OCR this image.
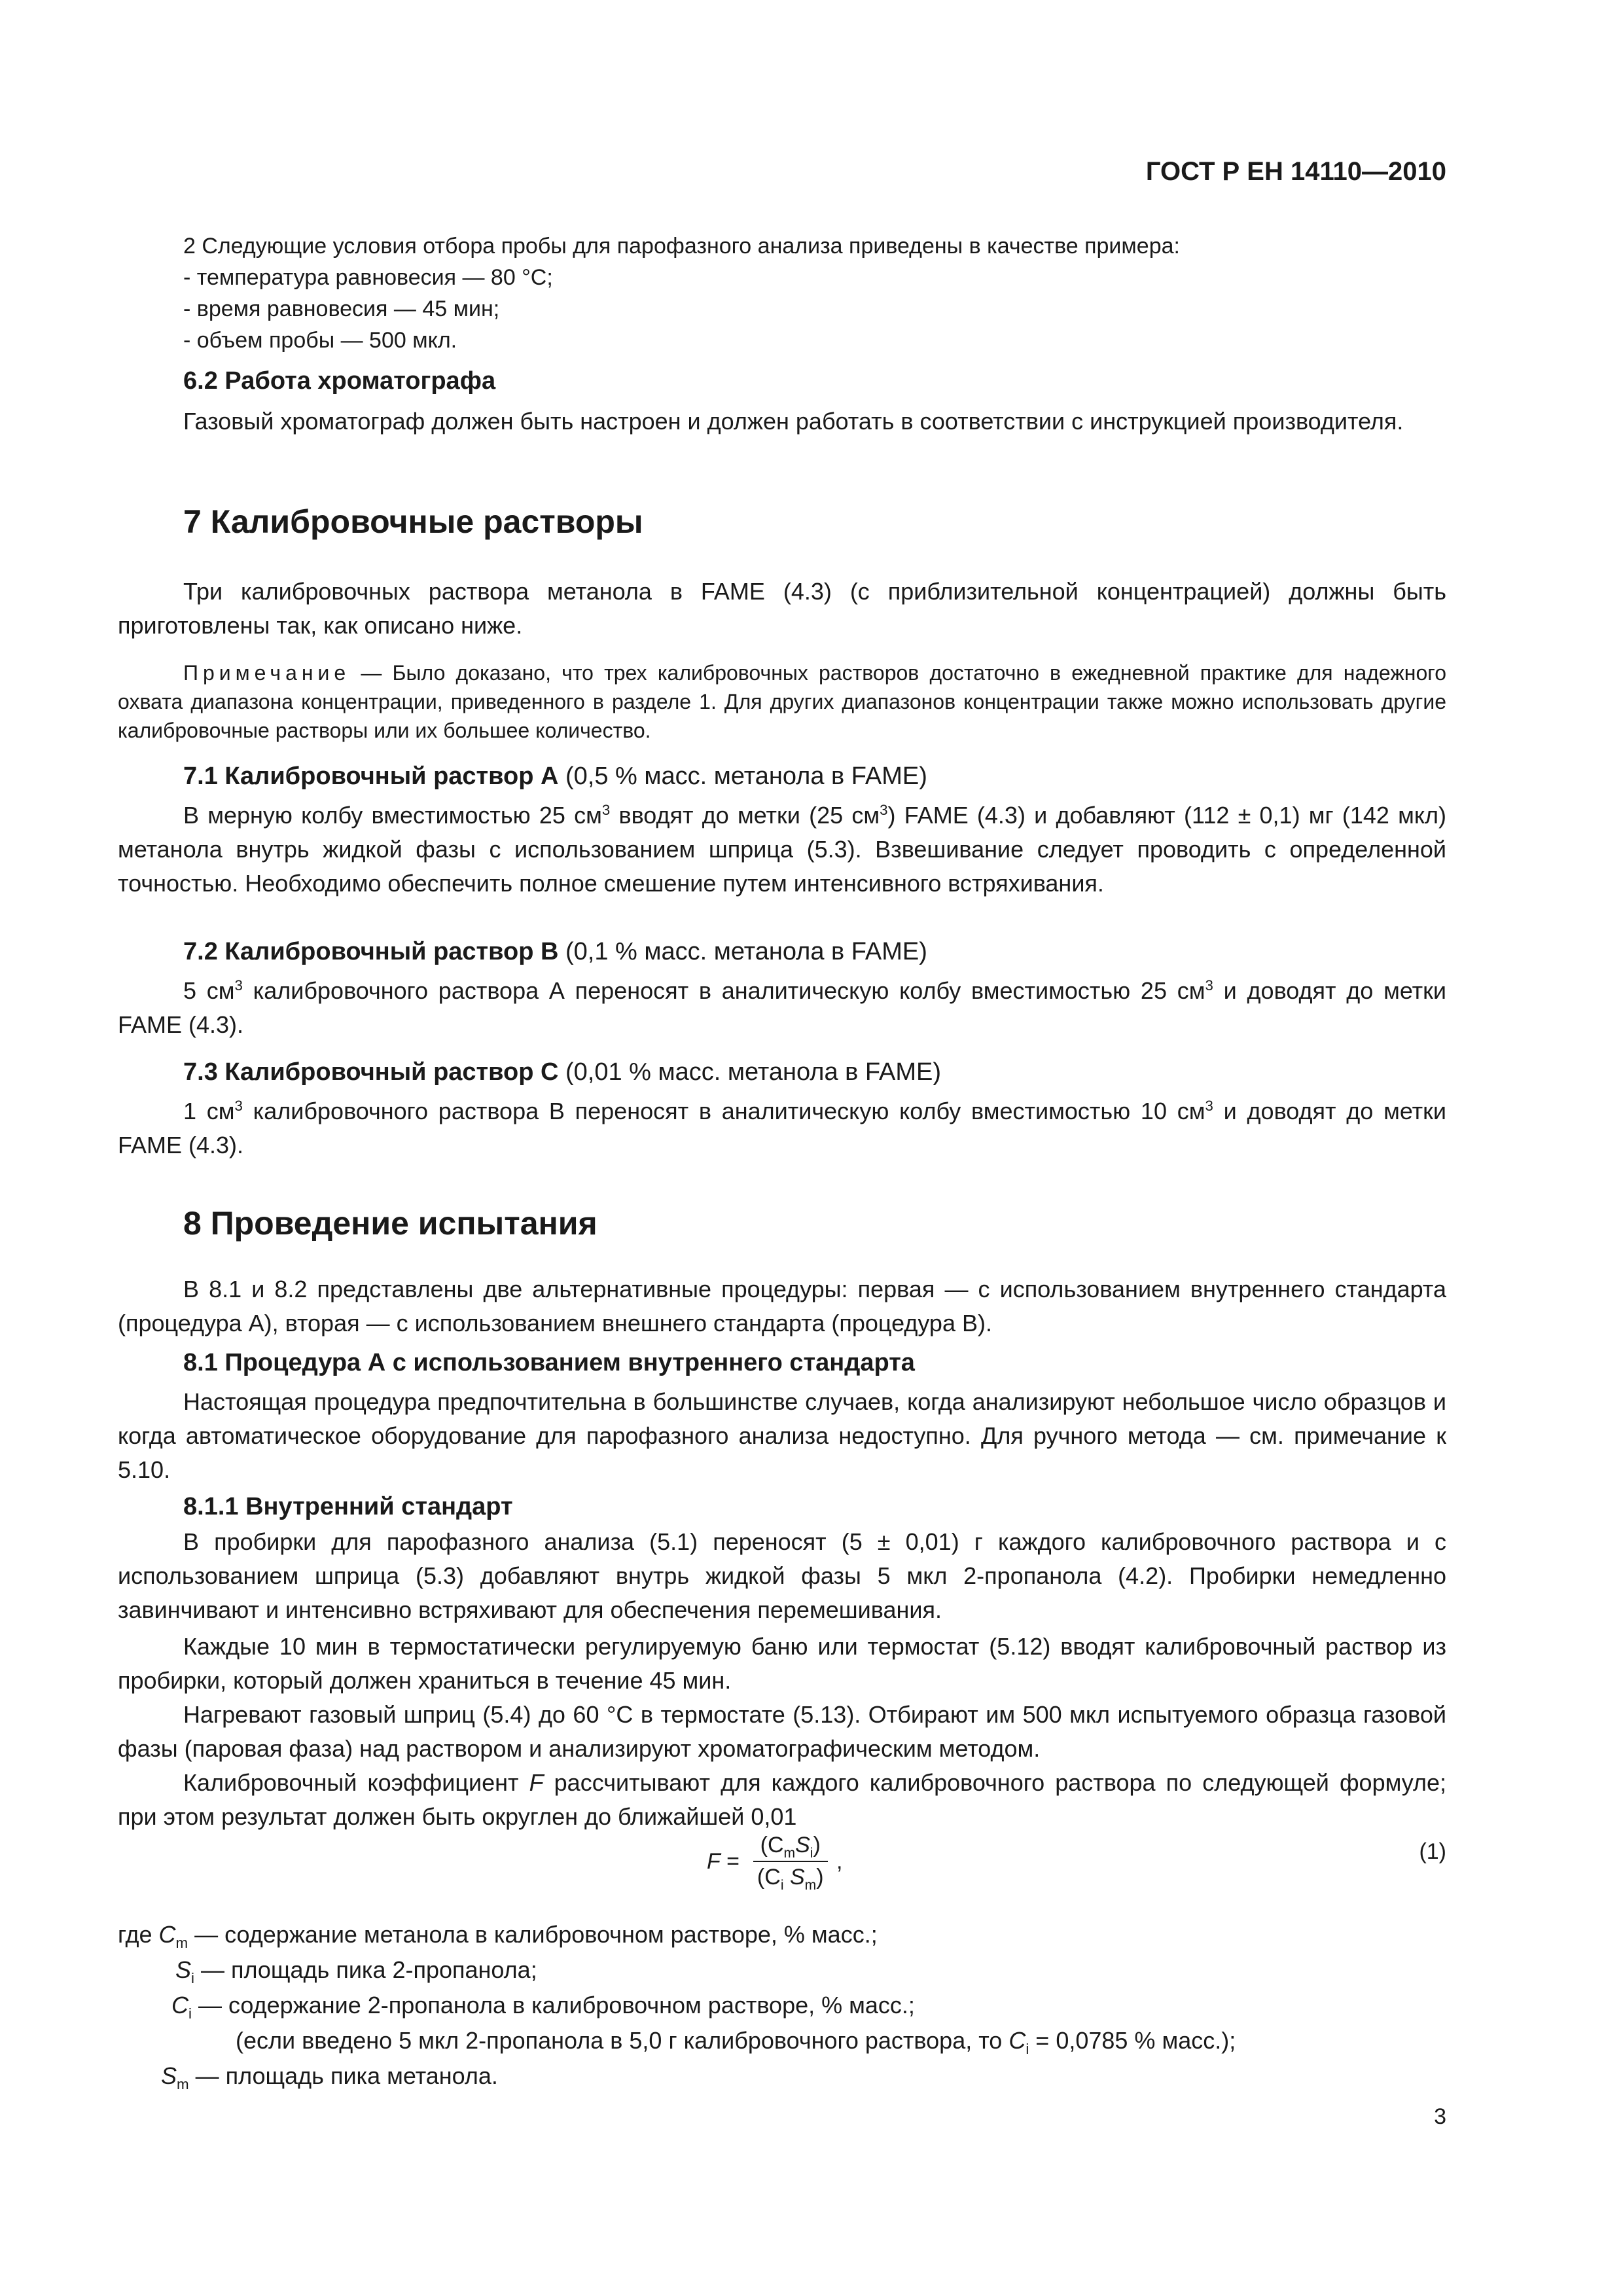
ГОСТ Р ЕН 14110—2010
2 Следующие условия отбора пробы для парофазного анализа приведены в качестве примера:
- температура равновесия — 80 °С;
- время равновесия — 45 мин;
- объем пробы — 500 мкл.
6.2 Работа хроматографа
Газовый хроматограф должен быть настроен и должен работать в соответствии с инструкцией производителя.
7 Калибровочные растворы
Три калибровочных раствора метанола в FAME (4.3) (с приблизительной концентрацией) должны быть приготовлены так, как описано ниже.
Примечание — Было доказано, что трех калибровочных растворов достаточно в ежедневной практике для надежного охвата диапазона концентрации, приведенного в разделе 1. Для других диапазонов концентрации также можно использовать другие калибровочные растворы или их большее количество.
7.1 Калибровочный раствор А (0,5 % масс. метанола в FAME)
В мерную колбу вместимостью 25 $см^3$ вводят до метки (25 $см^3$) FAME (4.3) и добавляют (112 ± 0,1) мг (142 мкл) метанола внутрь жидкой фазы с использованием шприца (5.3). Взвешивание следует проводить с определенной точностью. Необходимо обеспечить полное смешение путем интенсивного встряхивания.
7.2 Калибровочный раствор В (0,1 % масс. метанола в FAME)
5 $см^3$ калибровочного раствора А переносят в аналитическую колбу вместимостью 25 $см^3$ и доводят до метки FAME (4.3).
7.3 Калибровочный раствор С (0,01 % масс. метанола в FAME)
1 $см^3$ калибровочного раствора В переносят в аналитическую колбу вместимостью 10 $см^3$ и доводят до метки FAME (4.3).
8 Проведение испытания
В 8.1 и 8.2 представлены две альтернативные процедуры: первая — с использованием внутреннего стандарта (процедура А), вторая — с использованием внешнего стандарта (процедура В).
8.1 Процедура А с использованием внутреннего стандарта
Настоящая процедура предпочтительна в большинстве случаев, когда анализируют небольшое число образцов и когда автоматическое оборудование для парофазного анализа недоступно. Для ручного метода — см. примечание к 5.10.
8.1.1 Внутренний стандарт
В пробирки для парофазного анализа (5.1) переносят (5 ± 0,01) г каждого калибровочного раствора и с использованием шприца (5.3) добавляют внутрь жидкой фазы 5 мкл 2-пропанола (4.2). Пробирки немедленно завинчивают и интенсивно встряхивают для обеспечения перемешивания.
Каждые 10 мин в термостатически регулируемую баню или термостат (5.12) вводят калибровочный раствор из пробирки, который должен храниться в течение 45 мин.
Нагревают газовый шприц (5.4) до 60 °С в термостате (5.13). Отбирают им 500 мкл испытуемого образца газовой фазы (паровая фаза) над раствором и анализируют хроматографическим методом.
Калибровочный коэффициент F рассчитывают для каждого калибровочного раствора по следующей формуле; при этом результат должен быть округлен до ближайшей 0,01
$F = \frac{(C_mS_i)}{(C_i S_m)}$ ,	(1)
где $C_m$ — содержание метанола в калибровочном растворе, % масс.;
$S_i$ — площадь пика 2-пропанола;
$C_i$ — содержание 2-пропанола в калибровочном растворе, % масс.;
(если введено 5 мкл 2-пропанола в 5,0 г калибровочного раствора, то $C_i = 0,0785$ % масс.);
$S_m$ — площадь пика метанола.
3
